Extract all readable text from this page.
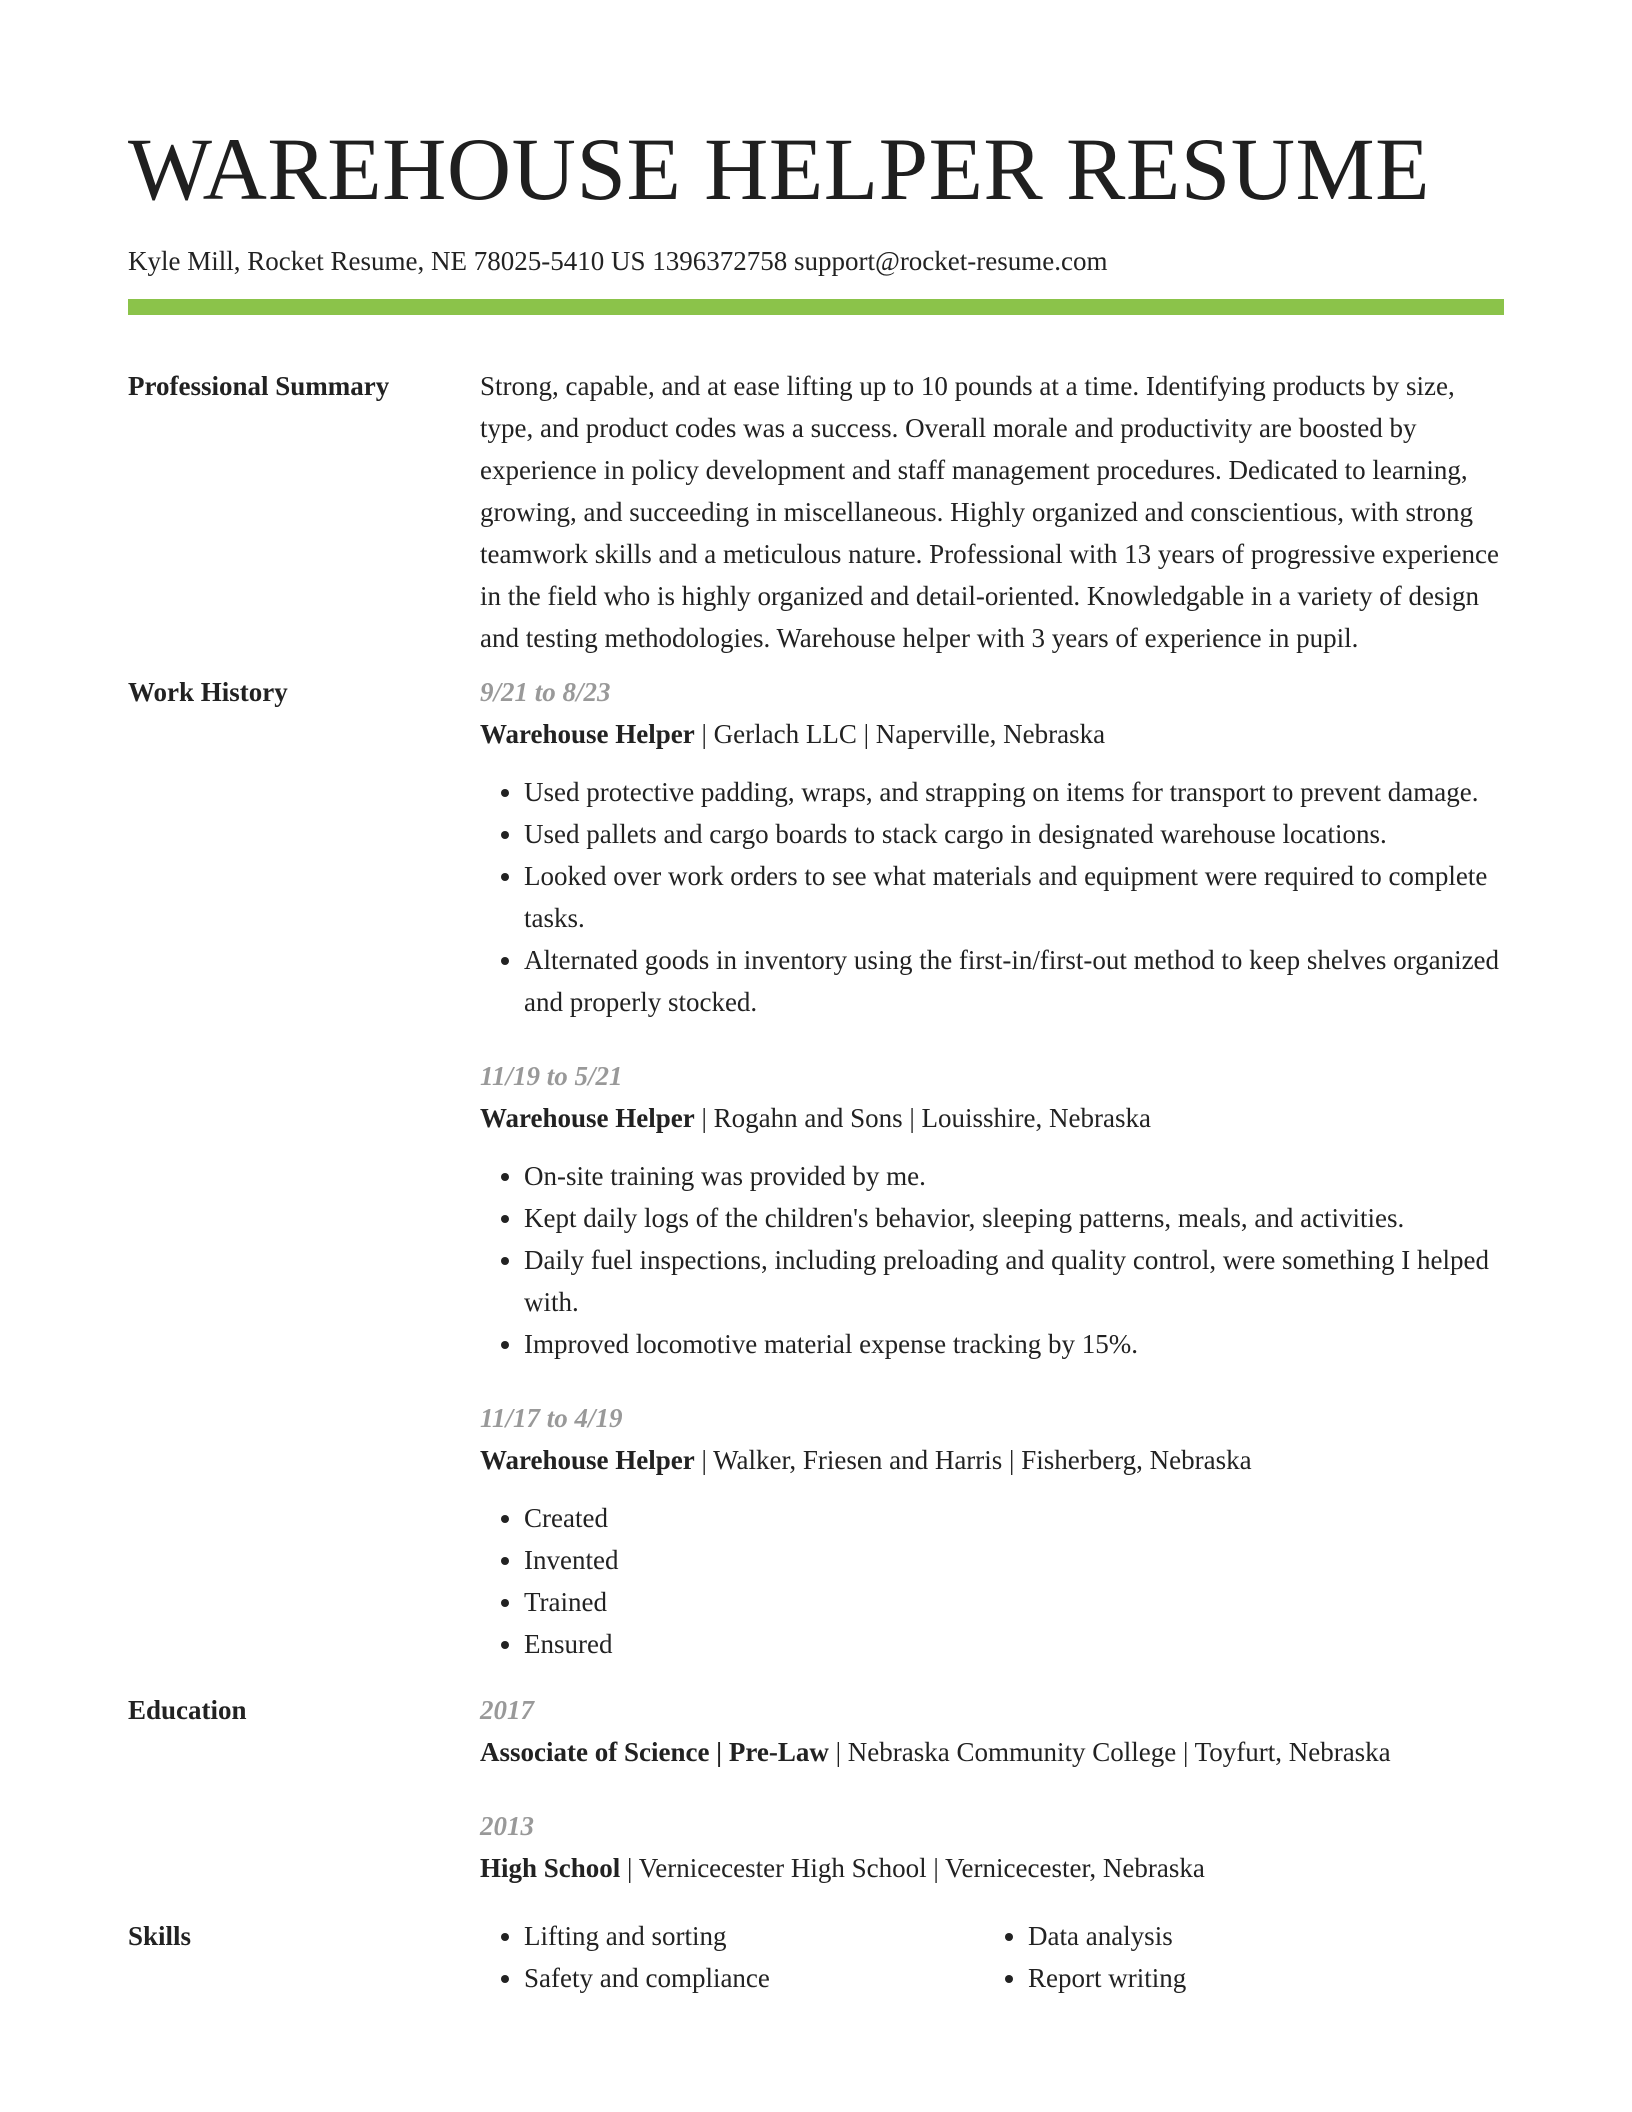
WAREHOUSE HELPER RESUME
Kyle Mill, Rocket Resume, NE 78025-5410 US 1396372758 support@rocket-resume.com
Professional Summary	Strong, capable, and at ease lifting up to 10 pounds at a time. Identifying products by size, type, and product codes was a success. Overall morale and productivity are boosted by experience in policy development and staff management procedures. Dedicated to learning, growing, and succeeding in miscellaneous. Highly organized and conscientious, with strong teamwork skills and a meticulous nature. Professional with 13 years of progressive experience in the field who is highly organized and detail-oriented. Knowledgable in a variety of design and testing methodologies. Warehouse helper with 3 years of experience in pupil.
Work History	9/21 to 8/23
Warehouse Helper | Gerlach LLC | Naperville, Nebraska
• Used protective padding, wraps, and strapping on items for transport to prevent damage.
• Used pallets and cargo boards to stack cargo in designated warehouse locations.
• Looked over work orders to see what materials and equipment were required to complete tasks.
• Alternated goods in inventory using the first-in/first-out method to keep shelves organized and properly stocked.
11/19 to 5/21
Warehouse Helper | Rogahn and Sons | Louisshire, Nebraska
• On-site training was provided by me.
• Kept daily logs of the children's behavior, sleeping patterns, meals, and activities.
• Daily fuel inspections, including preloading and quality control, were something I helped with.
• Improved locomotive material expense tracking by 15%.
11/17 to 4/19
Warehouse Helper | Walker, Friesen and Harris | Fisherberg, Nebraska
• Created
• Invented
• Trained
• Ensured
Education	2017
Associate of Science | Pre-Law | Nebraska Community College | Toyfurt, Nebraska
2013
High School | Vernicecester High School | Vernicecester, Nebraska
Skills
•	Lifting and sorting
• Safety and compliance
• Data analysis
• Report writing
